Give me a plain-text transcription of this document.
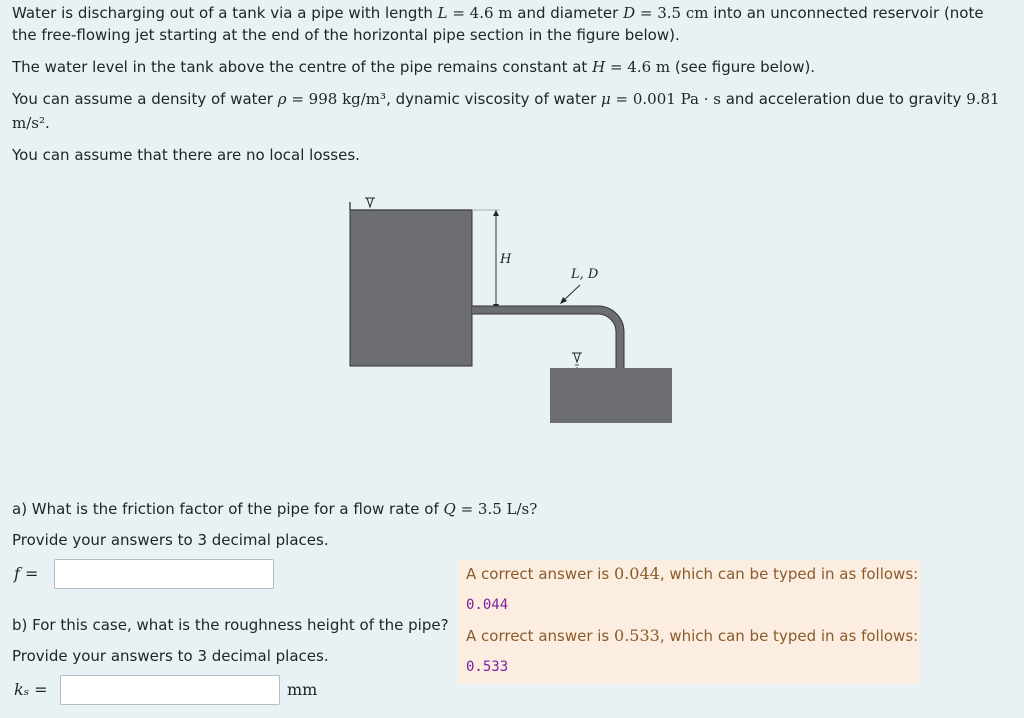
Water is discharging out of a tank via a pipe with length L = 4.6 m and diameter D = 3.5 cm into an unconnected reservoir (note

the free-flowing jet starting at the end of the horizontal pipe section in the figure below).

The water level in the tank above the centre of the pipe remains constant at H = 4.6 m (see figure below).

You can assume a density of water ρ = 998 kg/m³, dynamic viscosity of water μ = 0.001 Pa · s and acceleration due to gravity 9.81

m/s².

You can assume that there are no local losses.

H
L, D

a) What is the friction factor of the pipe for a flow rate of Q = 3.5 L/s?

Provide your answers to 3 decimal places.

f =

b) For this case, what is the roughness height of the pipe?

Provide your answers to 3 decimal places.

kₛ =	mm
A correct answer is 0.044, which can be typed in as follows:
0.044
A correct answer is 0.533, which can be typed in as follows:
0.533
